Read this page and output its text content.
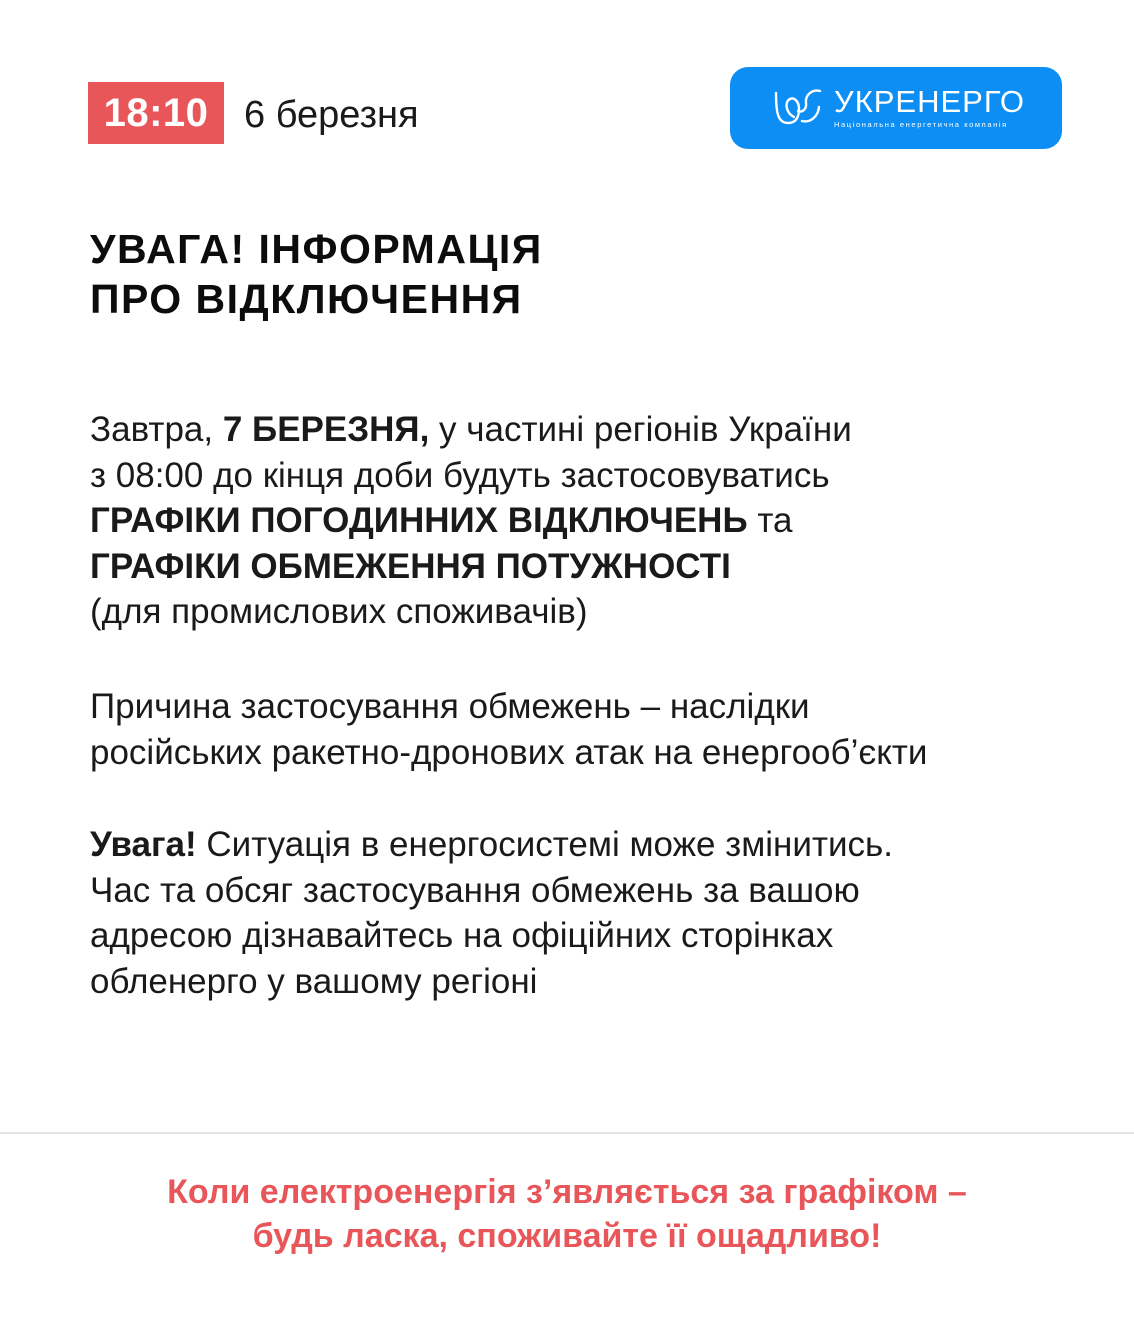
18:10 6 березня	УКРЕНЕРГО
Національна енергетична компанія
УВАГА! ІНФОРМАЦІЯ
ПРО ВІДКЛЮЧЕННЯ

Завтра, 7 БЕРЕЗНЯ, у частині регіонів України
з 08:00 до кінця доби будуть застосовуватись
ГРАФІКИ ПОГОДИННИХ ВІДКЛЮЧЕНЬ та
ГРАФІКИ ОБМЕЖЕННЯ ПОТУЖНОСТІ
(для промислових споживачів)

Причина застосування обмежень – наслідки
російських ракетно-дронових атак на енергооб’єкти

Увага! Ситуація в енергосистемі може змінитись.
Час та обсяг застосування обмежень за вашою
адресою дізнавайтесь на офіційних сторінках
обленерго у вашому регіоні

Коли електроенергія з’являється за графіком –
будь ласка, споживайте її ощадливо!
